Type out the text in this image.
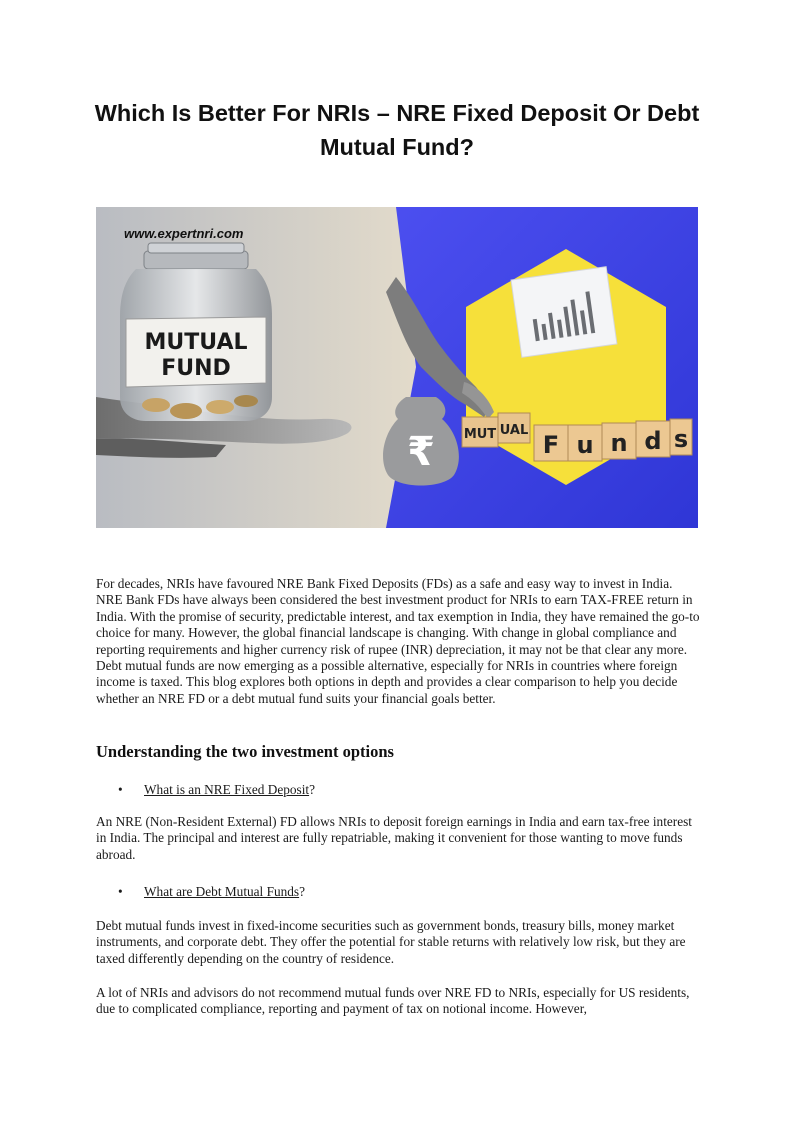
Which Is Better For NRIs – NRE Fixed Deposit Or Debt Mutual Fund?
₹ MUT UAL
F u n d s
MUTUAL
FUND
www.expertnri.com

For decades, NRIs have favoured NRE Bank Fixed Deposits (FDs) as a safe and easy way to invest in India. NRE Bank FDs have always been considered the best investment product for NRIs to earn TAX-FREE return in India. With the promise of security, predictable interest, and tax exemption in India, they have remained the go-to choice for many. However, the global financial landscape is changing. With change in global compliance and reporting requirements and higher currency risk of rupee (INR) depreciation, it may not be that clear any more. Debt mutual funds are now emerging as a possible alternative, especially for NRIs in countries where foreign income is taxed. This blog explores both options in depth and provides a clear comparison to help you decide whether an NRE FD or a debt mutual fund suits your financial goals better.

Understanding the two investment options
• What is an NRE Fixed Deposit?

An NRE (Non-Resident External) FD allows NRIs to deposit foreign earnings in India and earn tax-free interest in India. The principal and interest are fully repatriable, making it convenient for those wanting to move funds abroad.

• What are Debt Mutual Funds?

Debt mutual funds invest in fixed-income securities such as government bonds, treasury bills, money market instruments, and corporate debt. They offer the potential for stable returns with relatively low risk, but they are taxed differently depending on the country of residence.

A lot of NRIs and advisors do not recommend mutual funds over NRE FD to NRIs, especially for US residents, due to complicated compliance, reporting and payment of tax on notional income. However,
